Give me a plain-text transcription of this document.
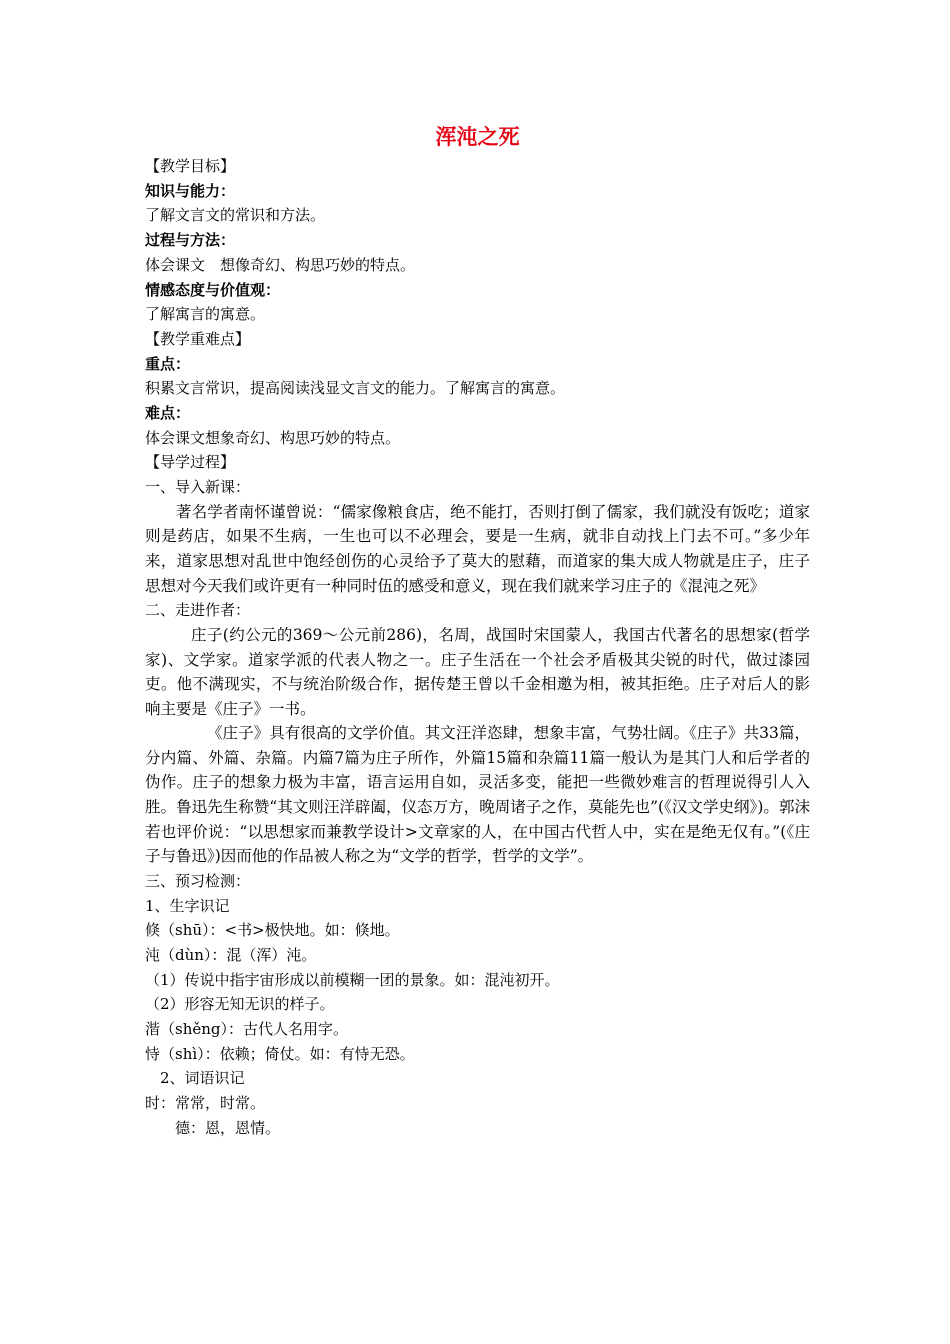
浑沌之死
【教学目标】
知识与能力：
了解文言文的常识和方法。
过程与方法：
体会课文　想像奇幻、构思巧妙的特点。
情感态度与价值观：
了解寓言的寓意。
【教学重难点】
重点：
积累文言常识，提高阅读浅显文言文的能力。了解寓言的寓意。
难点：
体会课文想象奇幻、构思巧妙的特点。
【导学过程】
一、导入新课：

著名学者南怀谨曾说：“儒家像粮食店，绝不能打，否则打倒了儒家，我们就没有饭吃；道家则是药店，如果不生病，一生也可以不必理会，要是一生病，就非自动找上门去不可。”多少年来，道家思想对乱世中饱经创伤的心灵给予了莫大的慰藉，而道家的集大成人物就是庄子，庄子思想对今天我们或许更有一种同时伍的感受和意义，现在我们就来学习庄子的《混沌之死》

二、走进作者：

庄子(约公元的369～公元前286)，名周，战国时宋国蒙人，我国古代著名的思想家(哲学家)、文学家。道家学派的代表人物之一。庄子生活在一个社会矛盾极其尖锐的时代，做过漆园吏。他不满现实，不与统治阶级合作，据传楚王曾以千金相邀为相，被其拒绝。庄子对后人的影响主要是《庄子》一书。

《庄子》具有很高的文学价值。其文汪洋恣肆，想象丰富，气势壮阔。《庄子》共33篇，分内篇、外篇、杂篇。内篇7篇为庄子所作，外篇15篇和杂篇11篇一般认为是其门人和后学者的伪作。庄子的想象力极为丰富，语言运用自如，灵活多变，能把一些微妙难言的哲理说得引人入胜。鲁迅先生称赞“其文则汪洋辟阖，仪态万方，晚周诸子之作，莫能先也”(《汉文学史纲》)。郭沫若也评价说：“以思想家而兼教学设计>文章家的人，在中国古代哲人中，实在是绝无仅有。”(《庄子与鲁迅》)因而他的作品被人称之为“文学的哲学，哲学的文学”。

三、预习检测：
1、生字识记
倏（shū）：<书>极快地。如：倏地。
沌（dùn）：混（浑）沌。
（1）传说中指宇宙形成以前模糊一团的景象。如：混沌初开。
（2）形容无知无识的样子。
湝（shěng）：古代人名用字。
恃（shì）：依赖；倚仗。如：有恃无恐。
2、词语识记
时：常常，时常。
德：恩，恩情。
